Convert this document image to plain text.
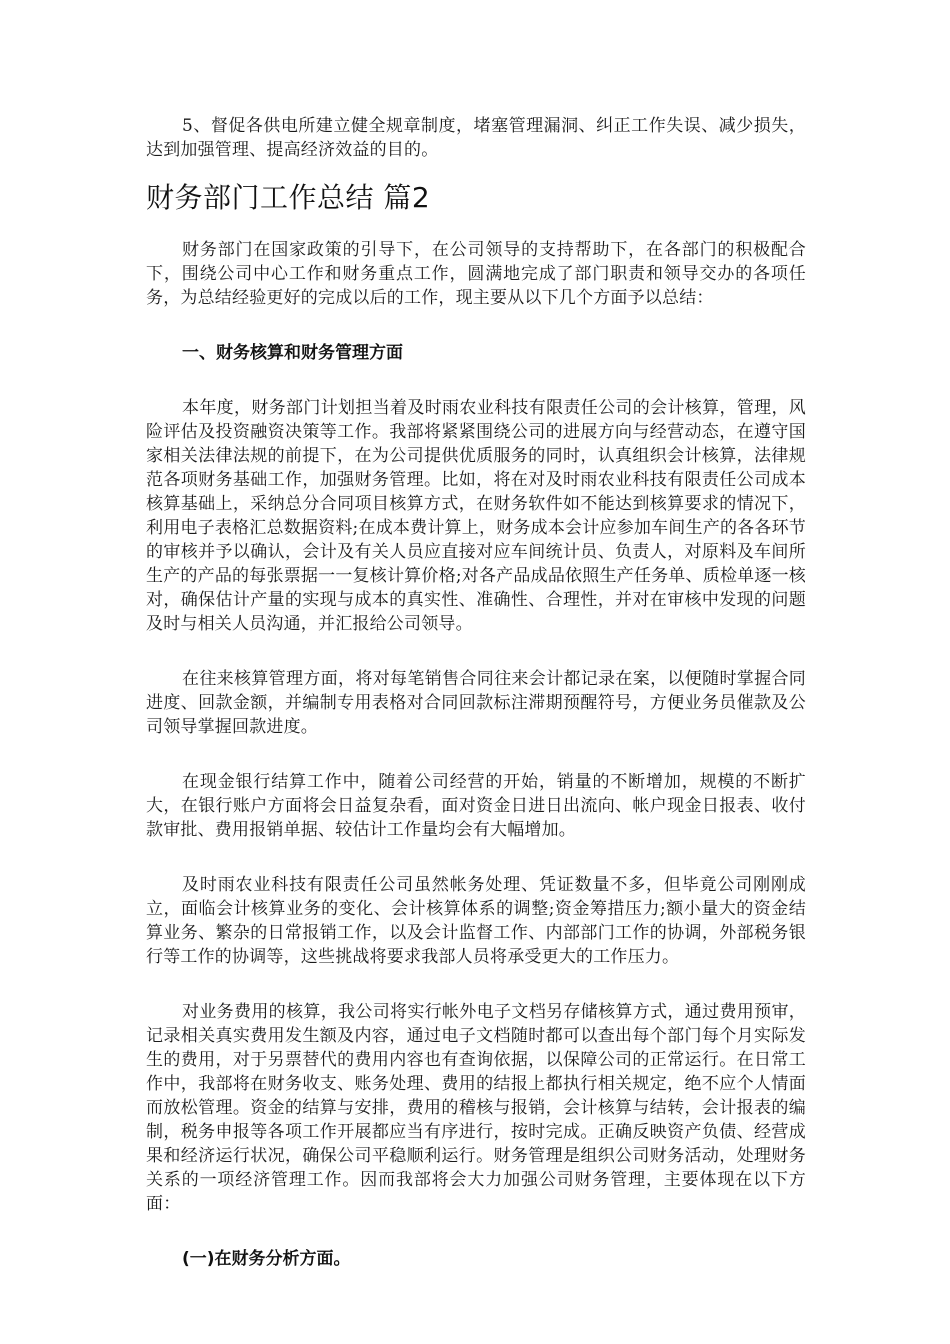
5、督促各供电所建立健全规章制度，堵塞管理漏洞、纠正工作失误、减少损失，达到加强管理、提高经济效益的目的。

财务部门工作总结 篇2

财务部门在国家政策的引导下，在公司领导的支持帮助下，在各部门的积极配合下，围绕公司中心工作和财务重点工作，圆满地完成了部门职责和领导交办的各项任务，为总结经验更好的完成以后的工作，现主要从以下几个方面予以总结：

一、财务核算和财务管理方面

本年度，财务部门计划担当着及时雨农业科技有限责任公司的会计核算，管理，风险评估及投资融资决策等工作。我部将紧紧围绕公司的进展方向与经营动态，在遵守国家相关法律法规的前提下，在为公司提供优质服务的同时，认真组织会计核算，法律规范各项财务基础工作，加强财务管理。比如，将在对及时雨农业科技有限责任公司成本核算基础上，采纳总分合同项目核算方式，在财务软件如不能达到核算要求的情况下，利用电子表格汇总数据资料;在成本费计算上，财务成本会计应参加车间生产的各各环节的审核并予以确认，会计及有关人员应直接对应车间统计员、负责人，对原料及车间所生产的产品的每张票据一一复核计算价格;对各产品成品依照生产任务单、质检单逐一核对，确保估计产量的实现与成本的真实性、准确性、合理性，并对在审核中发现的问题及时与相关人员沟通，并汇报给公司领导。

在往来核算管理方面，将对每笔销售合同往来会计都记录在案，以便随时掌握合同进度、回款金额，并编制专用表格对合同回款标注滞期预醒符号，方便业务员催款及公司领导掌握回款进度。

在现金银行结算工作中，随着公司经营的开始，销量的不断增加，规模的不断扩大，在银行账户方面将会日益复杂看，面对资金日进日出流向、帐户现金日报表、收付款审批、费用报销单据、较估计工作量均会有大幅增加。

及时雨农业科技有限责任公司虽然帐务处理、凭证数量不多，但毕竟公司刚刚成立，面临会计核算业务的变化、会计核算体系的调整;资金筹措压力;额小量大的资金结算业务、繁杂的日常报销工作，以及会计监督工作、内部部门工作的协调，外部税务银行等工作的协调等，这些挑战将要求我部人员将承受更大的工作压力。

对业务费用的核算，我公司将实行帐外电子文档另存储核算方式，通过费用预审，记录相关真实费用发生额及内容，通过电子文档随时都可以查出每个部门每个月实际发生的费用，对于另票替代的费用内容也有查询依据，以保障公司的正常运行。在日常工作中，我部将在财务收支、账务处理、费用的结报上都执行相关规定，绝不应个人情面而放松管理。资金的结算与安排，费用的稽核与报销，会计核算与结转，会计报表的编制，税务申报等各项工作开展都应当有序进行，按时完成。正确反映资产负债、经营成果和经济运行状况，确保公司平稳顺利运行。财务管理是组织公司财务活动，处理财务关系的一项经济管理工作。因而我部将会大力加强公司财务管理，主要体现在以下方面：

(一)在财务分析方面。
